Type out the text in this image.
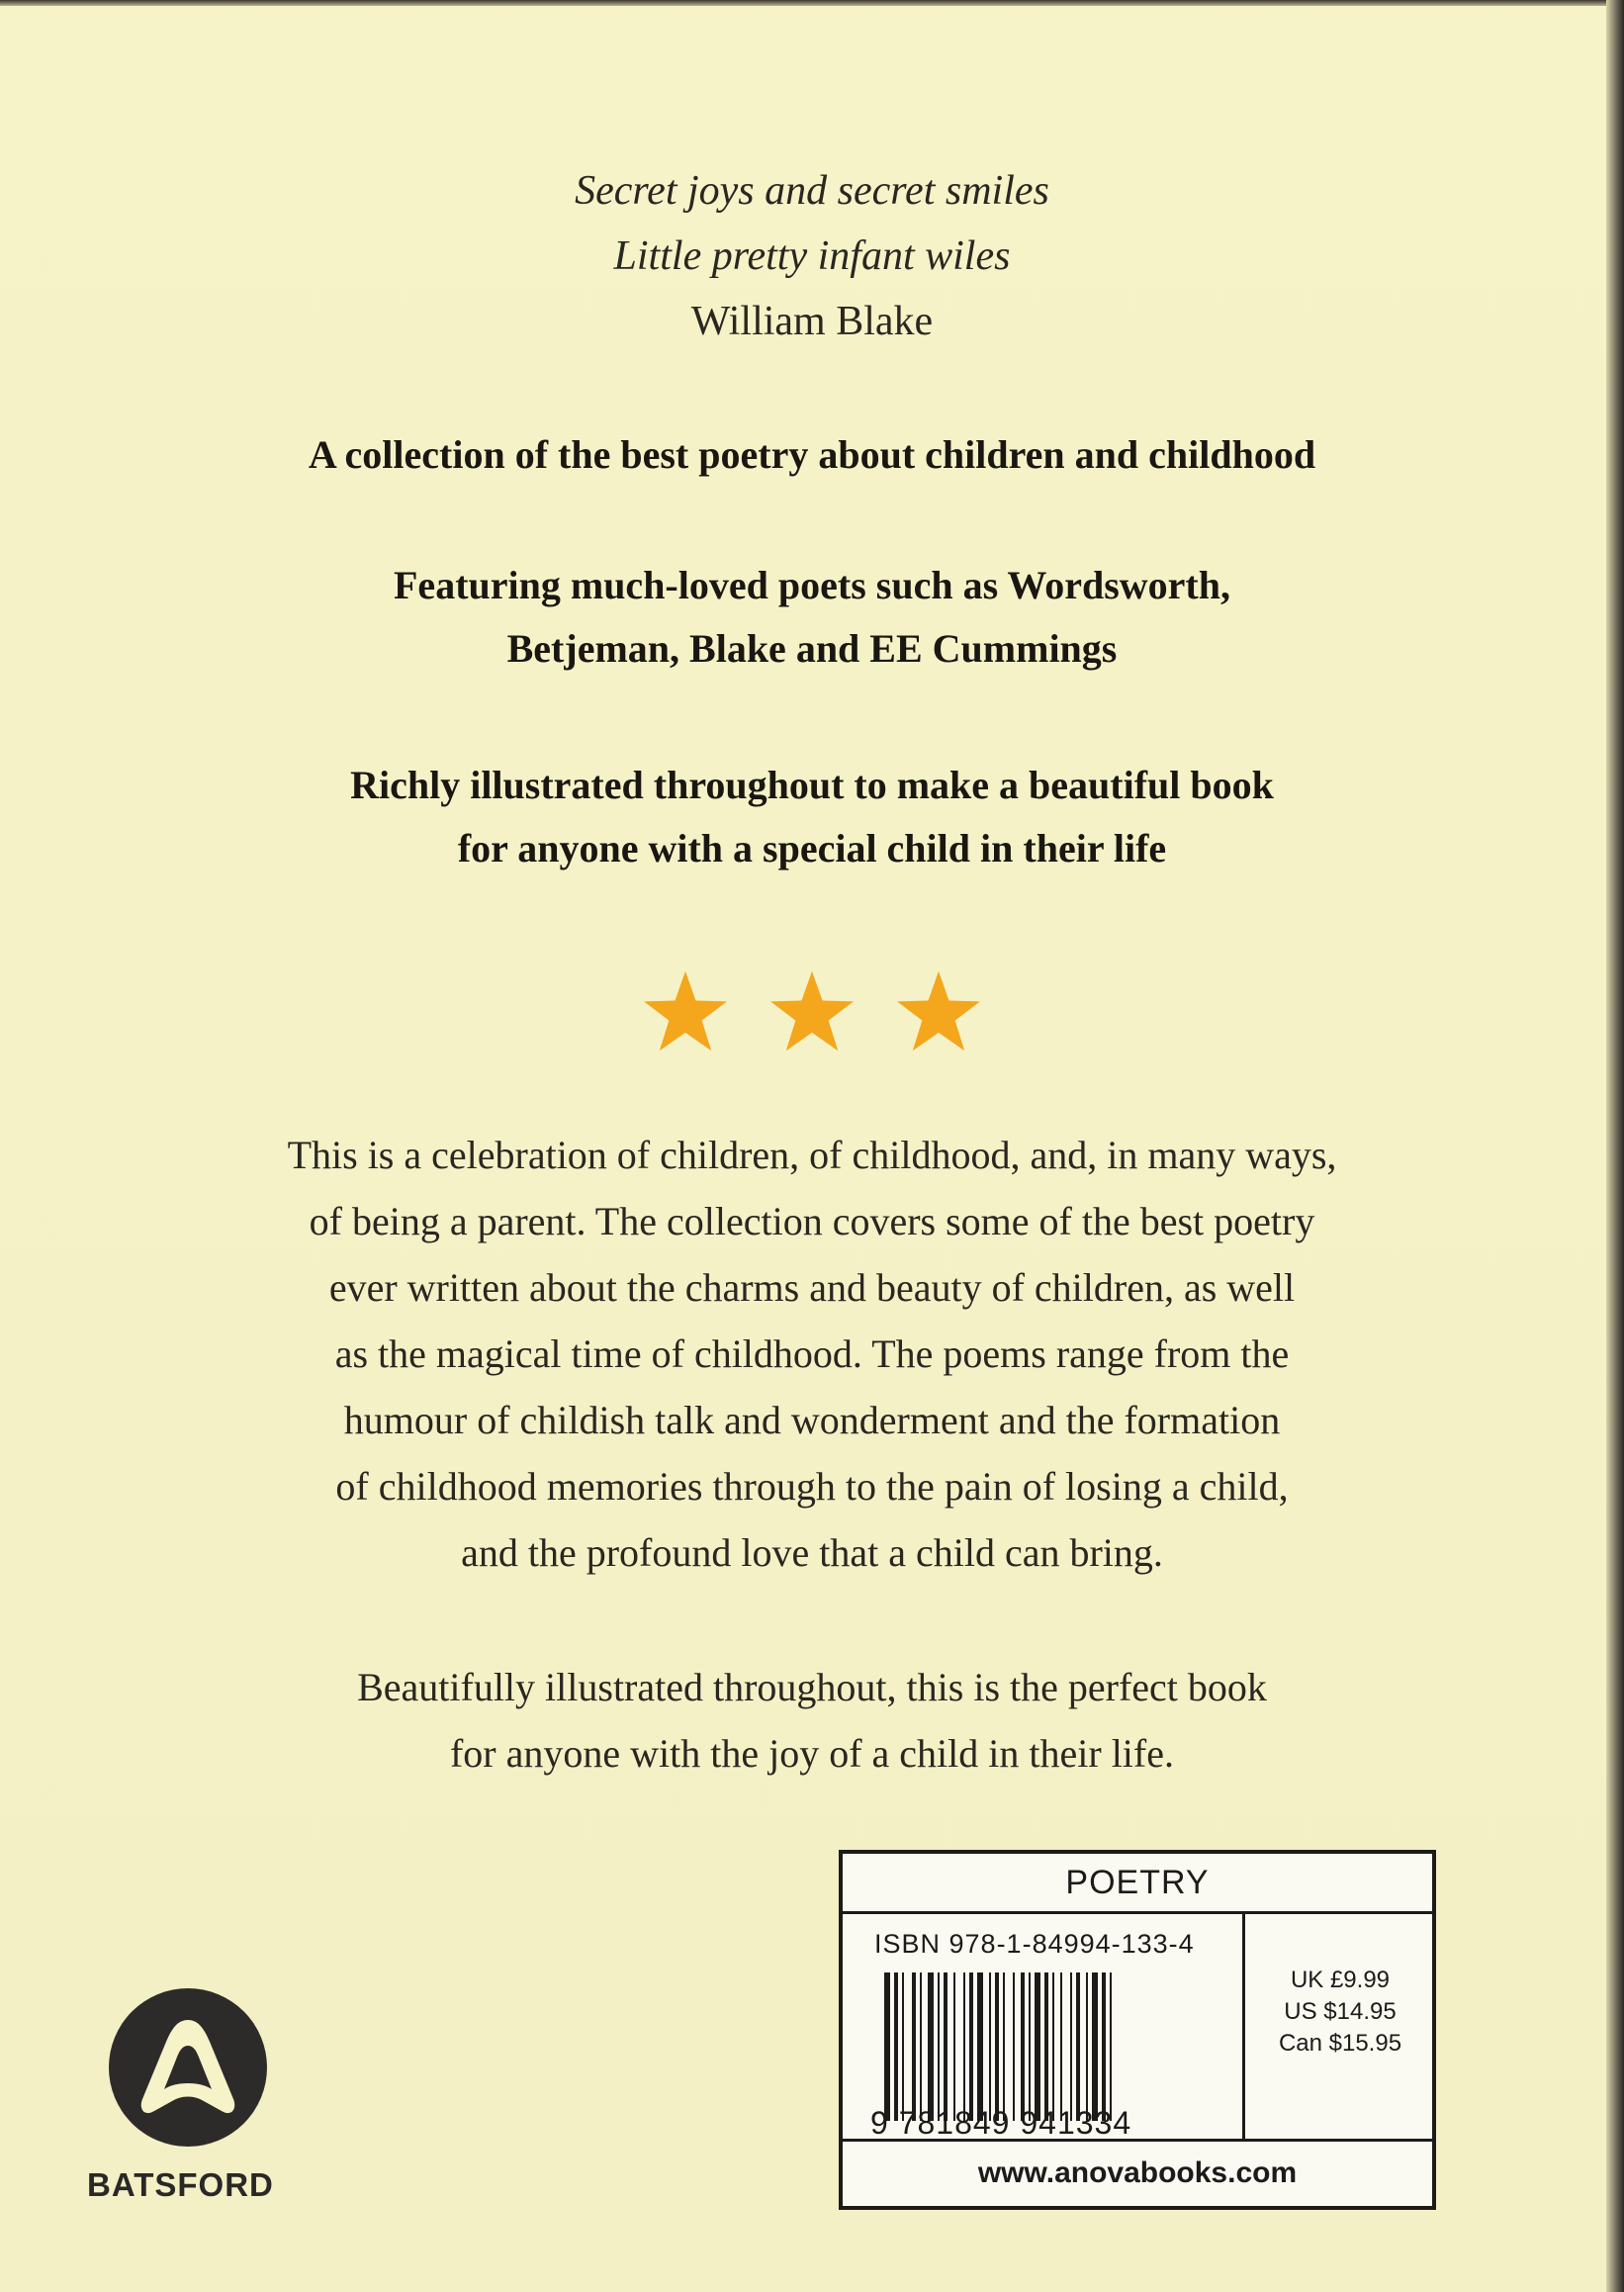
Secret joys and secret smiles
Little pretty infant wiles
William Blake
A collection of the best poetry about children and childhood
Featuring much-loved poets such as Wordsworth,
Betjeman, Blake and EE Cummings
Richly illustrated throughout to make a beautiful book
for anyone with a special child in their life
This is a celebration of children, of childhood, and, in many ways,
of being a parent. The collection covers some of the best poetry
ever written about the charms and beauty of children, as well
as the magical time of childhood. The poems range from the
humour of childish talk and wonderment and the formation
of childhood memories through to the pain of losing a child,
and the profound love that a child can bring.
Beautifully illustrated throughout, this is the perfect book
for anyone with the joy of a child in their life.
BATSFORD
POETRY
ISBN 978-1-84994-133-4
9 781849 941334
UK £9.99
US $14.95
Can $15.95
www.anovabooks.com
